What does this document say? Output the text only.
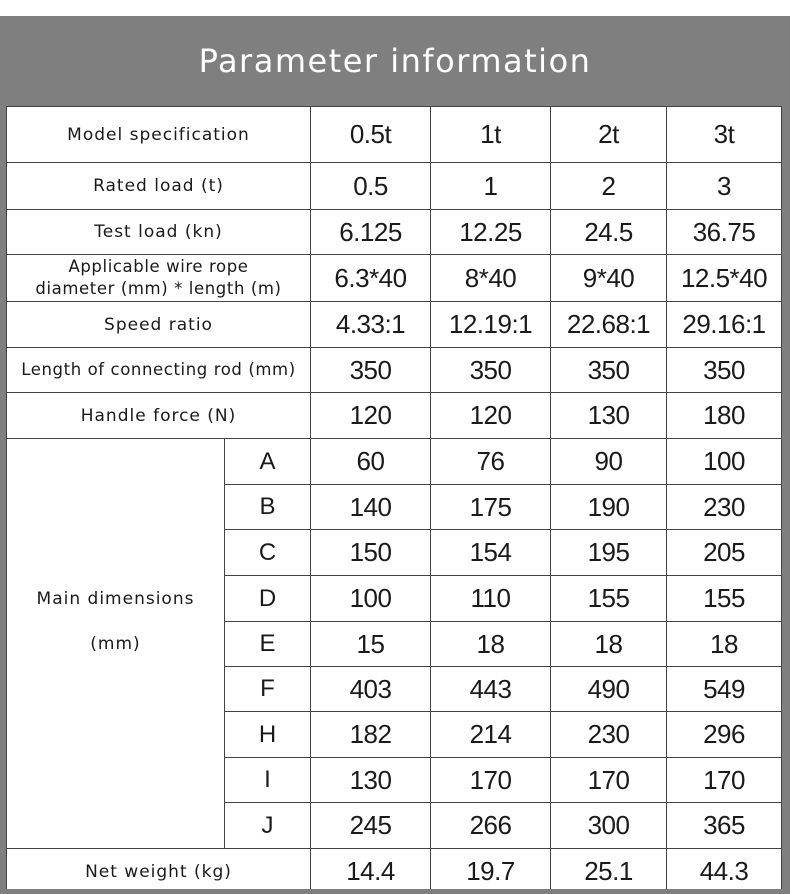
Parameter information
Model specification		0.5t	1t	2t	3t
Rated load (t)		0.5	1	2	3
Test load (kn)		6.125	12.25	24.5	36.75

Applicable wire rope
diameter (mm) * length (m)		6.3*40	8*40	9*40	12.5*40
Speed ratio		4.33:1	12.19:1	22.68:1	29.16:1
Length of connecting rod (mm)		350	350	350	350
Handle force (N)		120	120	130	180
	A	60	76	90	100
	B	140	175	190	230
	C	150	154	195	205
Main dimensions	D	100	110	155	155
(mm)	E	15	18	18	18
	F	403	443	490	549
	H	182	214	230	296
	I	130	170	170	170
	J	245	266	300	365
Net weight (kg)		14.4	19.7	25.1	44.3
